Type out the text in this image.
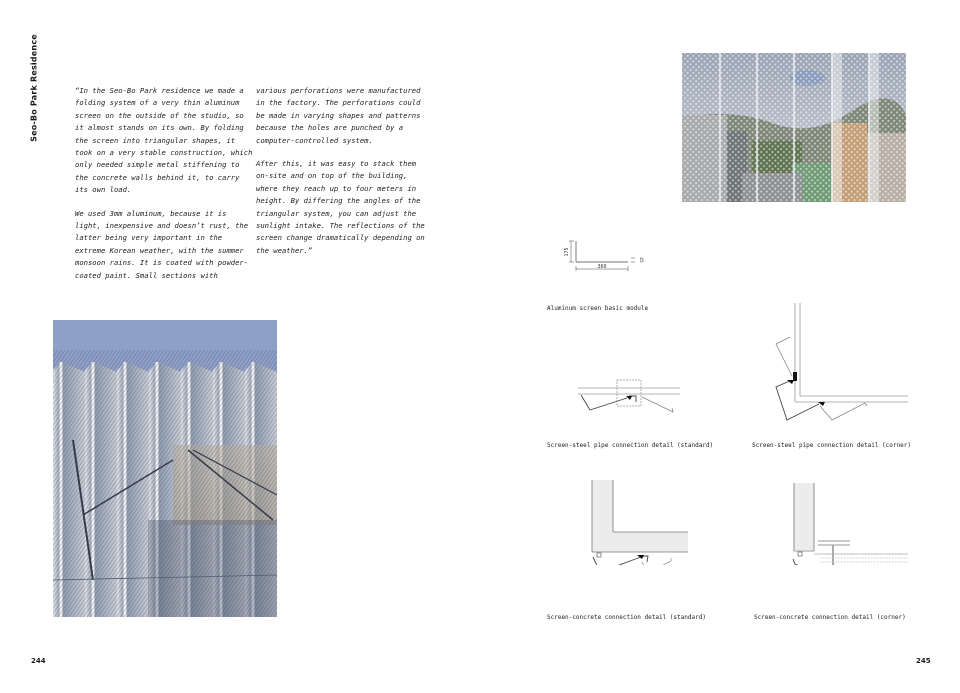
Seo-Bo Park Residence	“In the Seo-Bo Park residence we made a folding system of a very thin aluminum screen on the outside of the studio, so it almost stands on its own. By folding the screen into triangular shapes, it took on a very stable construction, which only needed simple metal stiffening to the concrete walls behind it, to carry its own load.

We used 3mm aluminum, because it is light, inexpensive and doesn’t rust, the latter being very important in the extreme Korean weather, with the summer monsoon rains. It is coated with powder-coated paint. Small sections with

various perforations were manufactured in the factory. The perforations could be made in varying shapes and patterns because the holes are punched by a computer-controlled system.

After this, it was easy to stack them on-site and on top of the building, where they reach up to four meters in height. By differing the angles of the triangular system, you can adjust the sunlight intake. The reflections of the screen change dramatically depending on the weather.”	175
360
45
Aluminum screen basic module
Screen-steel pipe connection detail (standard)	Screen-steel pipe connection detail (corner)
Screen-concrete connection detail (standard)	Screen-concrete connection detail (corner)
244	245
